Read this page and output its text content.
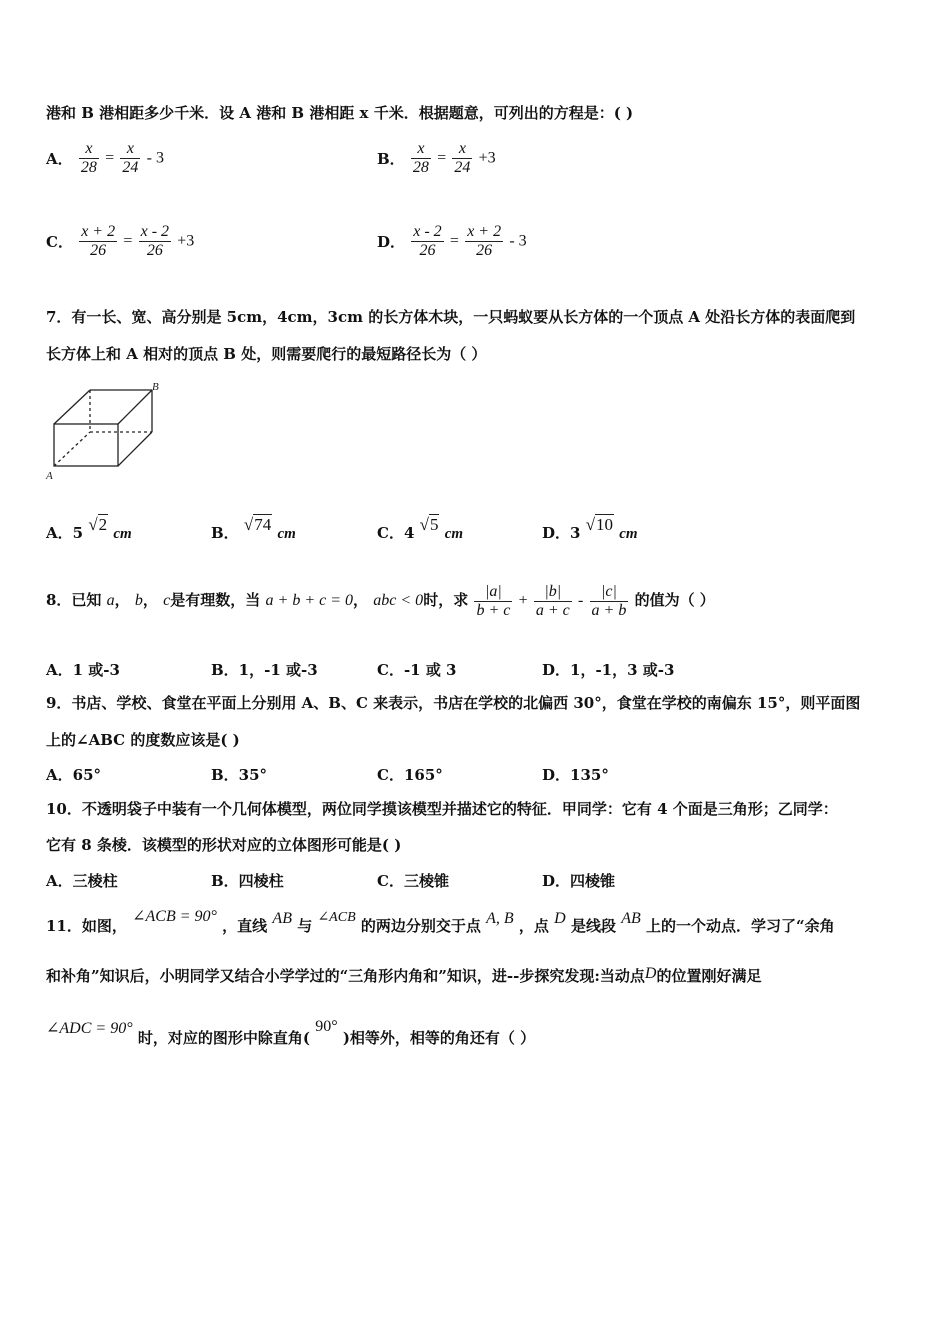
港和 B 港相距多少千米．设 A 港和 B 港相距 x 千米．根据题意，可列出的方程是：( )
A． $\frac{x}{28} = \frac{x}{24} - 3$	B． $\frac{x}{28} = \frac{x}{24} +3$
C． $\frac{x + 2}{26} = \frac{x - 2}{26} +3$	D． $\frac{x - 2}{26} = \frac{x + 2}{26} - 3$
7．有一长、宽、高分别是 5cm，4cm，3cm 的长方体木块，一只蚂蚁要从长方体的一个顶点 A 处沿长方体的表面爬到
长方体上和 A 相对的顶点 B 处，则需要爬行的最短路径长为（ ）
B
A
A．5 √2 cm	B． √74 cm	C．4 √5 cm	D．3 √10 cm
8．已知 a， b， c是有理数，当 a + b + c = 0， abc < 0时，求 $\frac{|a|}{b + c} + \frac{|b|}{a + c} - \frac{|c|}{a + b}$ 的值为（ ）
A．1 或-3	B．1，-1 或-3	C．-1 或 3	D．1，-1，3 或-3
9．书店、学校、食堂在平面上分别用 A、B、C 来表示，书店在学校的北偏西 30°，食堂在学校的南偏东 15°，则平面图
上的∠ABC 的度数应该是( )
A．65°	B．35°	C．165°	D．135°
10．不透明袋子中装有一个几何体模型，两位同学摸该模型并描述它的特征．甲同学：它有 4 个面是三角形；乙同学：
它有 8 条棱．该模型的形状对应的立体图形可能是( )
A．三棱柱	B．四棱柱	C．三棱锥	D．四棱锥
11．如图， ∠ACB = 90° ，直线 AB 与 ∠ACB 的两边分别交于点 A, B ，点 D 是线段 AB 上的一个动点．学习了“余角
和补角”知识后，小明同学又结合小学学过的“三角形内角和”知识，进--步探究发现:当动点D的位置刚好满足
∠ADC = 90° 时，对应的图形中除直角( 90° )相等外，相等的角还有（ ）
